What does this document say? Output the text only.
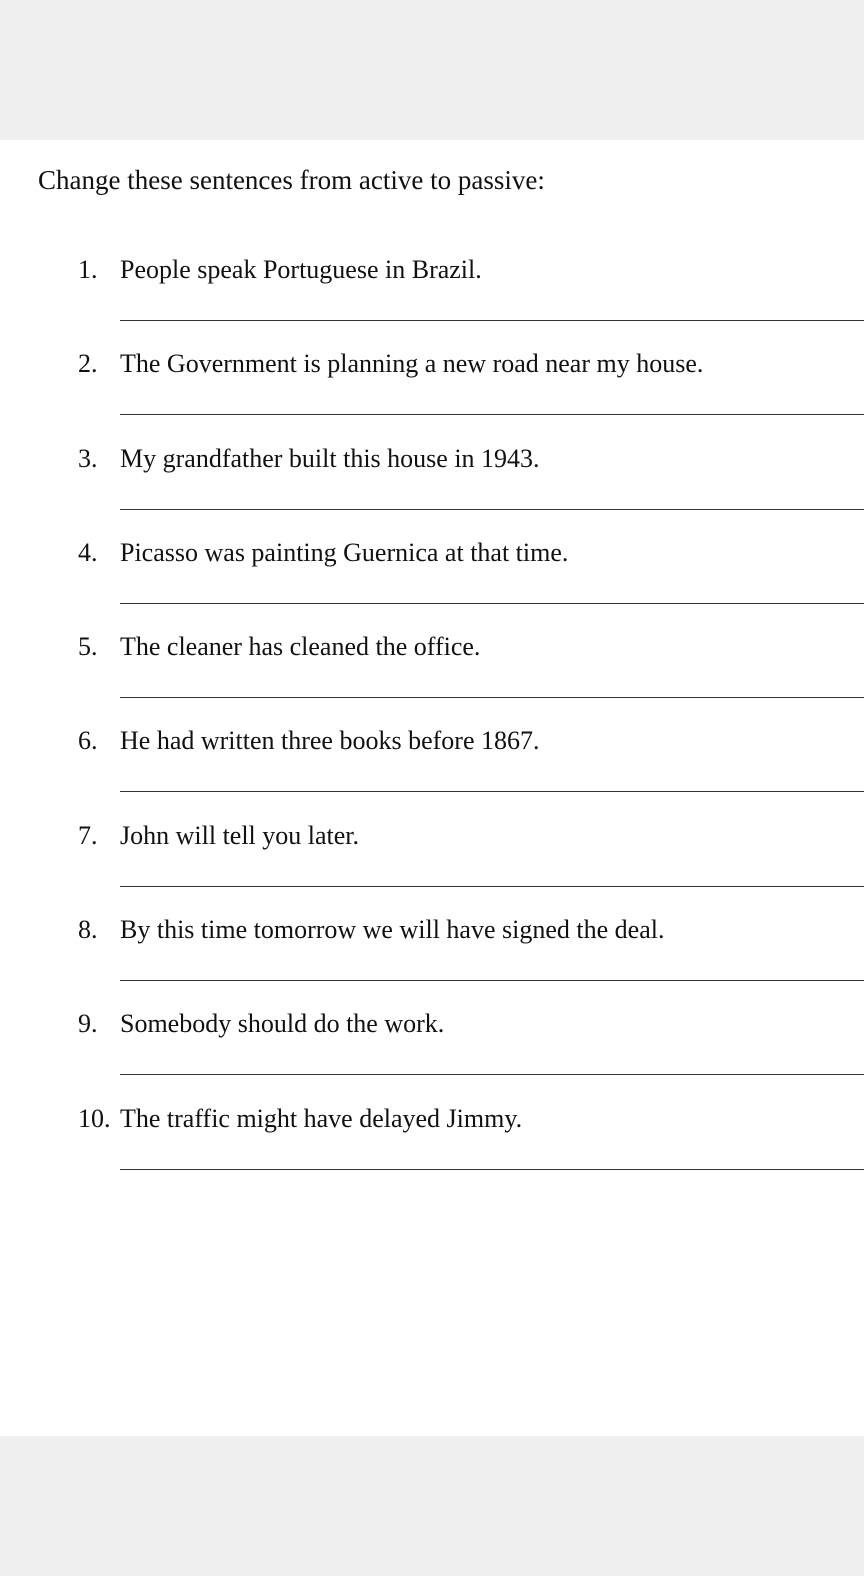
Change these sentences from active to passive:
1. People speak Portuguese in Brazil.
2. The Government is planning a new road near my house.
3. My grandfather built this house in 1943.
4. Picasso was painting Guernica at that time.
5. The cleaner has cleaned the office.
6. He had written three books before 1867.
7. John will tell you later.
8. By this time tomorrow we will have signed the deal.
9. Somebody should do the work.
10. The traffic might have delayed Jimmy.
